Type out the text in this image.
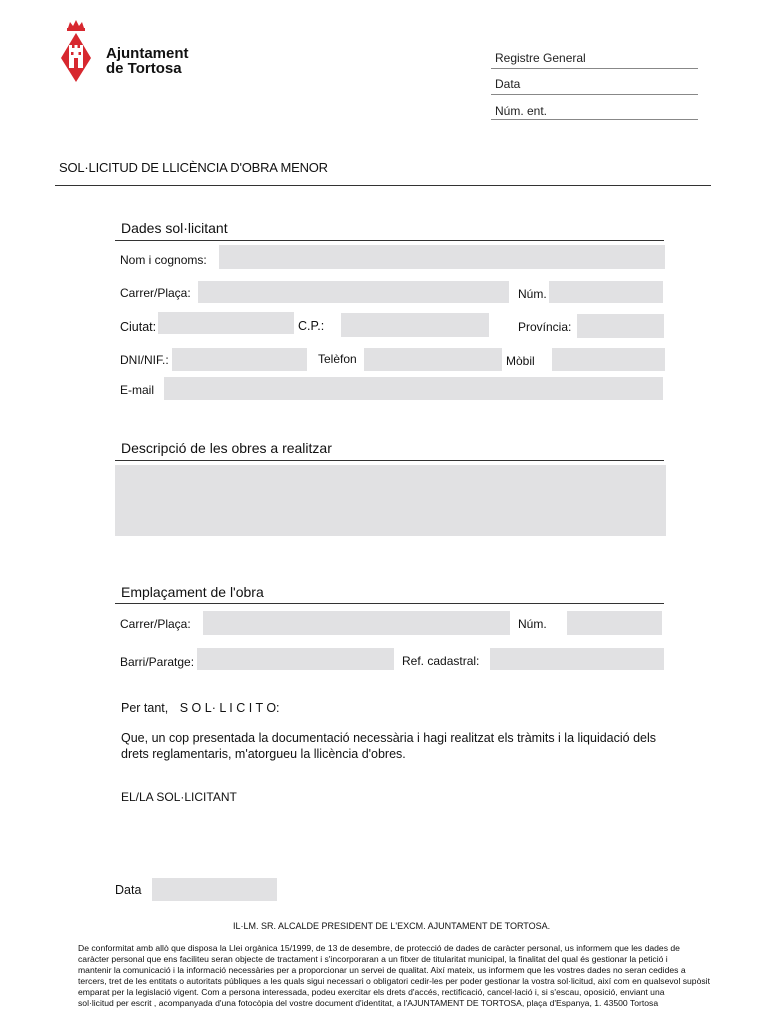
Ajuntament
de Tortosa
Registre General
Data
Núm. ent.
SOL·LICITUD DE LLICÈNCIA D'OBRA MENOR
Dades sol·licitant
Nom i cognoms:
Carrer/Plaça:	Núm.
Ciutat:	C.P.:	Província:
DNI/NIF.:	Telèfon	Mòbil
E-mail
Descripció de les obres a realitzar
Emplaçament de l'obra
Carrer/Plaça:	Núm.
Barri/Paratge:	Ref. cadastral:
Per tant, S O L· L I C I T O:
Que, un cop presentada la documentació necessària i hagi realitzat els tràmits i la liquidació dels
drets reglamentaris, m'atorgueu la llicència d'obres.
EL/LA SOL·LICITANT
Data
IL·LM. SR. ALCALDE PRESIDENT DE L'EXCM. AJUNTAMENT DE TORTOSA.
De conformitat amb allò que disposa la Llei orgànica 15/1999, de 13 de desembre, de protecció de dades de caràcter personal, us informem que les dades de
caràcter personal que ens faciliteu seran objecte de tractament i s'incorporaran a un fitxer de titularitat municipal, la finalitat del qual és gestionar la petició i
mantenir la comunicació i la informació necessàries per a proporcionar un servei de qualitat. Així mateix, us informem que les vostres dades no seran cedides a
tercers, tret de les entitats o autoritats públiques a les quals sigui necessari o obligatori cedir-les per poder gestionar la vostra sol·licitud, així com en qualsevol supòsit
emparat per la legislació vigent. Com a persona interessada, podeu exercitar els drets d'accés, rectificació, cancel·lació i, si s'escau, oposició, enviant una
sol·licitud per escrit , acompanyada d'una fotocòpia del vostre document d'identitat, a l'AJUNTAMENT DE TORTOSA, plaça d'Espanya, 1. 43500 Tortosa
